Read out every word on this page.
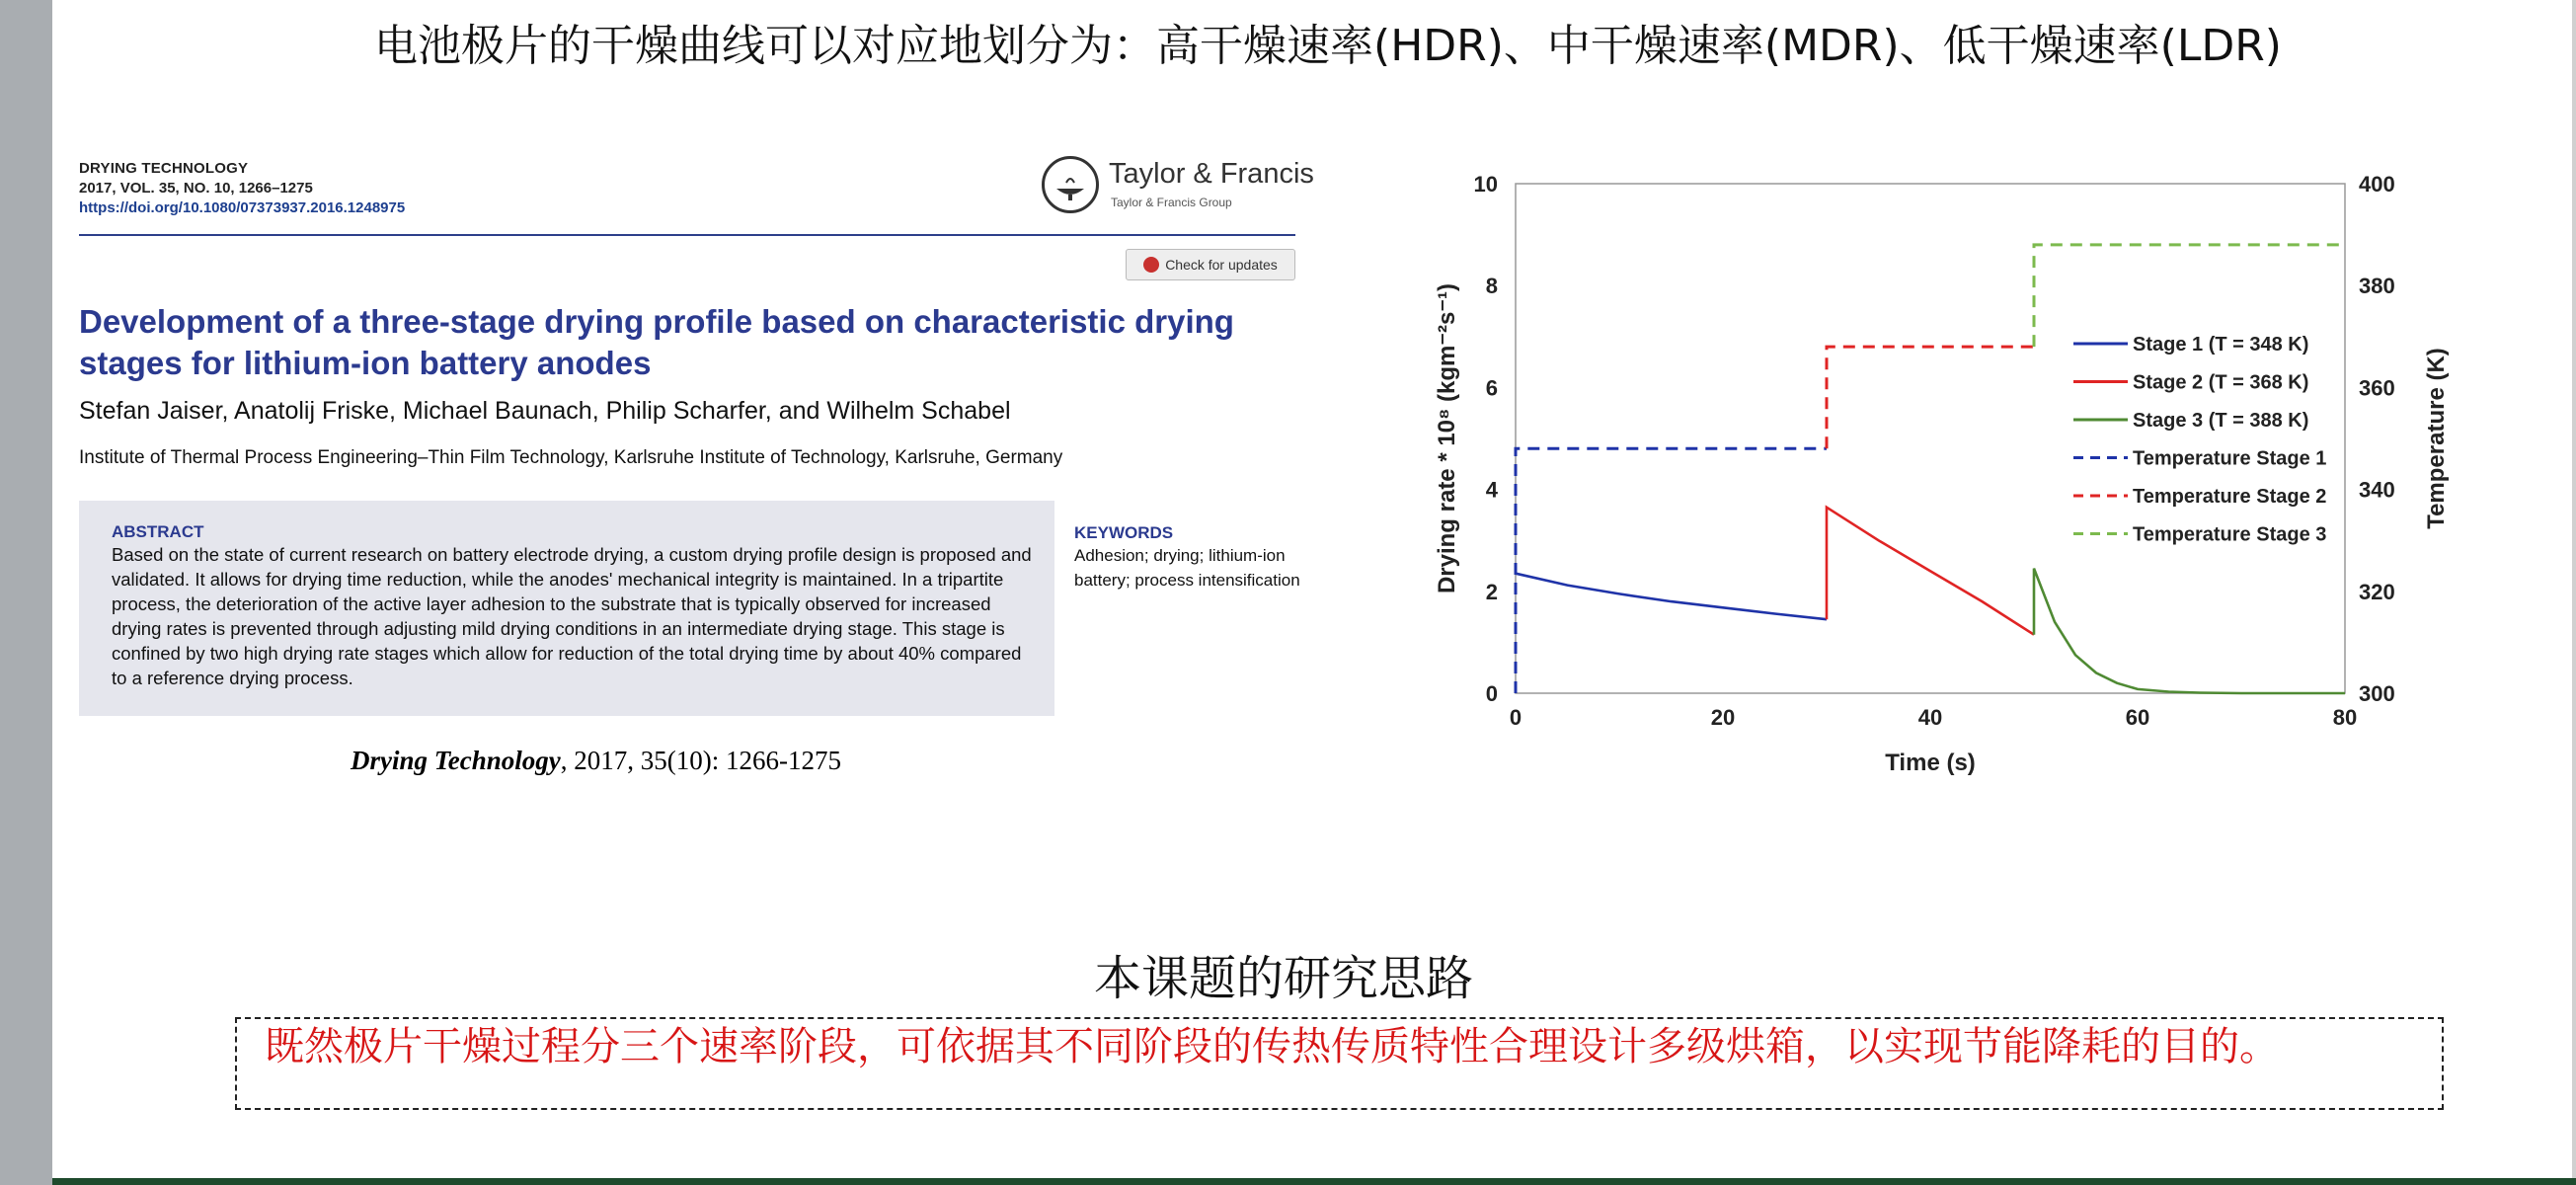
电池极片的干燥曲线可以对应地划分为：高干燥速率(HDR)、中干燥速率(MDR)、低干燥速率(LDR)
DRYING TECHNOLOGY
2017, VOL. 35, NO. 10, 1266–1275
https://doi.org/10.1080/07373937.2016.1248975
Taylor & Francis
Taylor & Francis Group
Check for updates
Development of a three-stage drying profile based on characteristic drying stages for lithium-ion battery anodes
Stefan Jaiser, Anatolij Friske, Michael Baunach, Philip Scharfer, and Wilhelm Schabel
Institute of Thermal Process Engineering–Thin Film Technology, Karlsruhe Institute of Technology, Karlsruhe, Germany
ABSTRACT
Based on the state of current research on battery electrode drying, a custom drying profile design is proposed and validated. It allows for drying time reduction, while the anodes' mechanical integrity is maintained. In a tripartite process, the deterioration of the active layer adhesion to the substrate that is typically observed for increased drying rates is prevented through adjusting mild drying conditions in an intermediate drying stage. This stage is confined by two high drying rate stages which allow for reduction of the total drying time by about 40% compared to a reference drying process.
KEYWORDS
Adhesion; drying; lithium-ion battery; process intensification
Drying Technology, 2017, 35(10): 1266-1275
0	20	40	60	80
0
2
4
6
8
10
300
320
340
360
380
400
Time (s)
Drying rate * 10⁸ (kgm⁻²s⁻¹)	Temperature (K)
Stage 1 (T = 348 K)
Stage 2 (T = 368 K)
Stage 3 (T = 388 K)
Temperature Stage 1
Temperature Stage 2
Temperature Stage 3
本课题的研究思路
既然极片干燥过程分三个速率阶段，可依据其不同阶段的传热传质特性合理设计多级烘箱，以实现节能降耗的目的。
